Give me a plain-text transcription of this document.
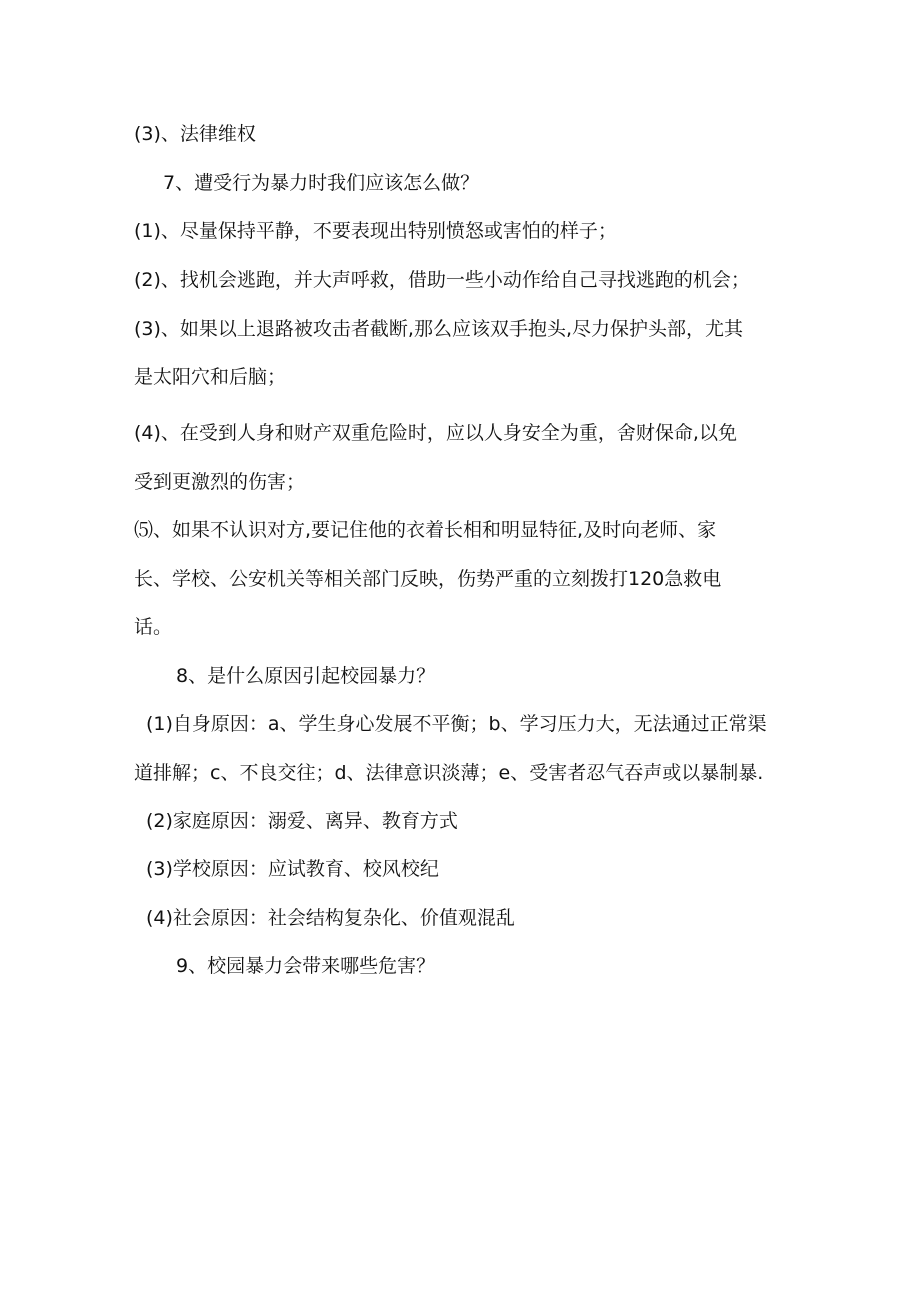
(3)、法律维权
7、遭受行为暴力时我们应该怎么做？
(1)、尽量保持平静，不要表现出特别愤怒或害怕的样子；
(2)、找机会逃跑，并大声呼救，借助一些小动作给自己寻找逃跑的机会；
(3)、如果以上退路被攻击者截断,那么应该双手抱头,尽力保护头部，尤其
是太阳穴和后脑；
(4)、在受到人身和财产双重危险时，应以人身安全为重，舍财保命,以免
受到更激烈的伤害；
⑸、如果不认识对方,要记住他的衣着长相和明显特征,及时向老师、家
长、学校、公安机关等相关部门反映，伤势严重的立刻拨打120急救电
话。
8、是什么原因引起校园暴力？
(1)自身原因：a、学生身心发展不平衡；b、学习压力大，无法通过正常渠
道排解；c、不良交往；d、法律意识淡薄；e、受害者忍气吞声或以暴制暴.
(2)家庭原因：溺爱、离异、教育方式
(3)学校原因：应试教育、校风校纪
(4)社会原因：社会结构复杂化、价值观混乱
9、校园暴力会带来哪些危害？
